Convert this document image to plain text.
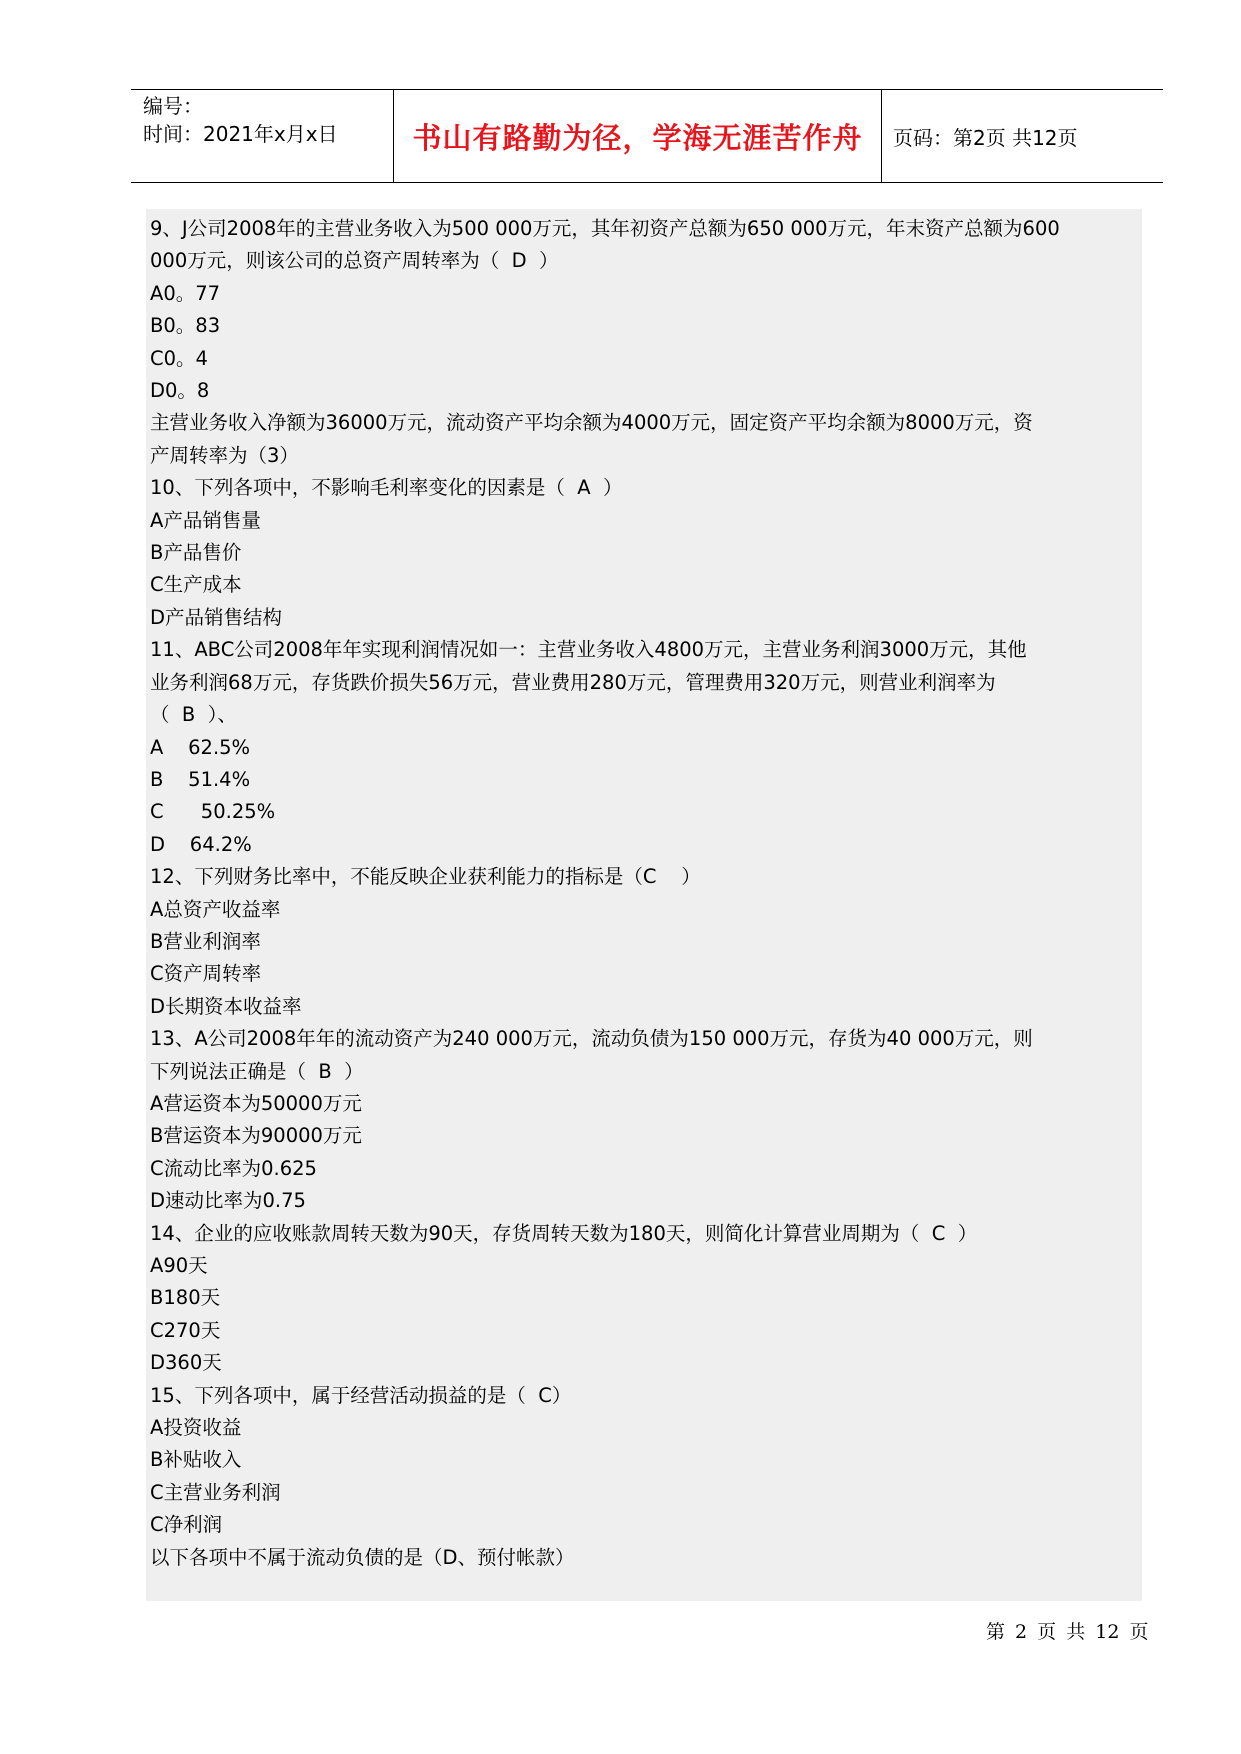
编号：
时间：2021年x月x日	书山有路勤为径，学海无涯苦作舟 页码：第2页 共12页
9、J公司2008年的主营业务收入为500 000万元，其年初资产总额为650 000万元，年末资产总额为600
000万元，则该公司的总资产周转率为（  D  ）
A0。77
B0。83
C0。4
D0。8
主营业务收入净额为36000万元，流动资产平均余额为4000万元，固定资产平均余额为8000万元，资
产周转率为（3）
10、下列各项中，不影响毛利率变化的因素是（  A  ）
A产品销售量
B产品售价
C生产成本
D产品销售结构
11、ABC公司2008年年实现利润情况如一：主营业务收入4800万元，主营业务利润3000万元，其他
业务利润68万元，存货跌价损失56万元，营业费用280万元，管理费用320万元，则营业利润率为
（  B  ）、
A    62.5%
B    51.4%
C      50.25%
D    64.2%
12、下列财务比率中，不能反映企业获利能力的指标是（C    ）
A总资产收益率
B营业利润率
C资产周转率
D长期资本收益率
13、A公司2008年年的流动资产为240 000万元，流动负债为150 000万元，存货为40 000万元，则
下列说法正确是（  B  ）
A营运资本为50000万元
B营运资本为90000万元
C流动比率为0.625
D速动比率为0.75
14、企业的应收账款周转天数为90天，存货周转天数为180天，则简化计算营业周期为（  C  ）
A90天
B180天
C270天
D360天
15、下列各项中，属于经营活动损益的是（  C）
A投资收益
B补贴收入
C主营业务利润
C净利润
以下各项中不属于流动负债的是（D、预付帐款）
第 2 页 共 12 页
